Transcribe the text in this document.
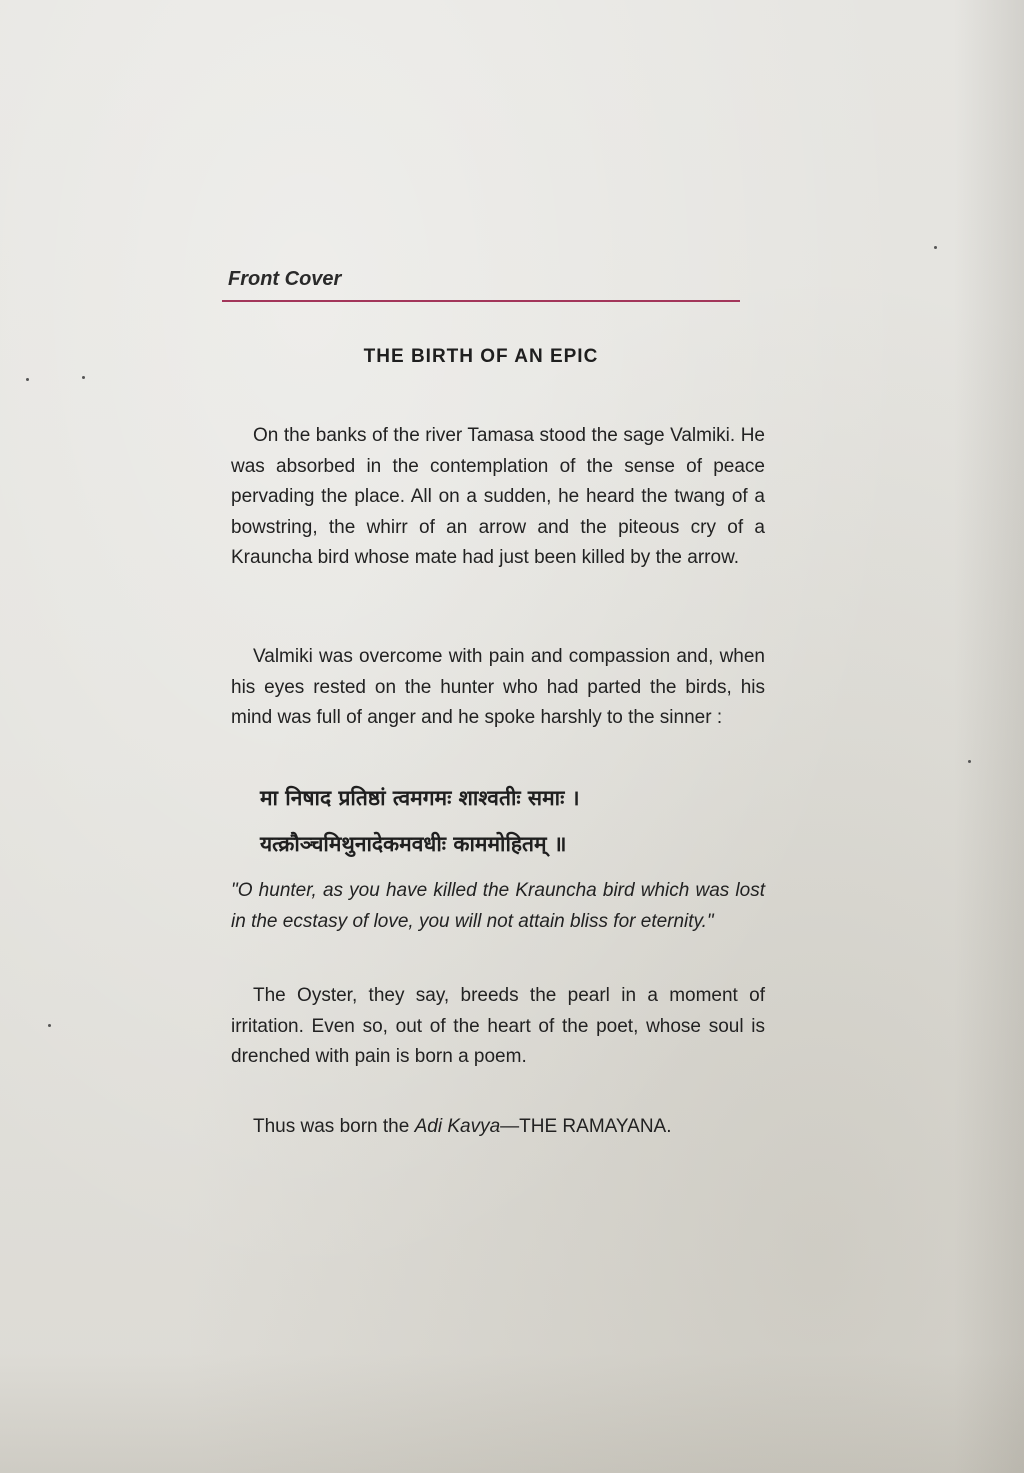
Front Cover
THE BIRTH OF AN EPIC

On the banks of the river Tamasa stood the sage Valmiki. He was absorbed in the contemplation of the sense of peace pervading the place. All on a sudden, he heard the twang of a bowstring, the whirr of an arrow and the piteous cry of a Krauncha bird whose mate had just been killed by the arrow.

Valmiki was overcome with pain and compassion and, when his eyes rested on the hunter who had parted the birds, his mind was full of anger and he spoke harshly to the sinner :

मा निषाद प्रतिष्ठां त्वमगमः शाश्वतीः समाः ।
यत्क्रौञ्चमिथुनादेकमवधीः काममोहितम् ॥

"O hunter, as you have killed the Krauncha bird which was lost in the ecstasy of love, you will not attain bliss for eternity."

The Oyster, they say, breeds the pearl in a moment of irritation. Even so, out of the heart of the poet, whose soul is drenched with pain is born a poem.

Thus was born the Adi Kavya—THE RAMAYANA.
